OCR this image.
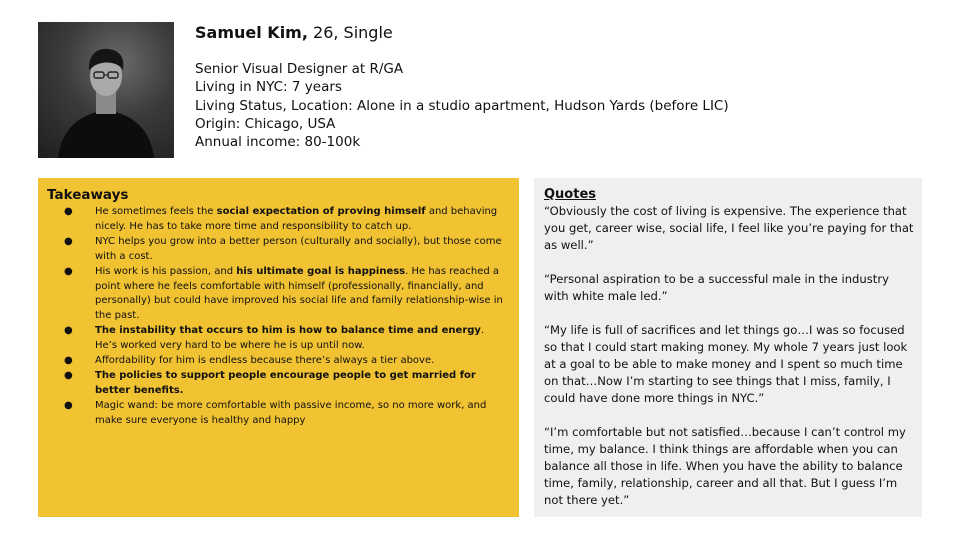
Samuel Kim, 26, Single
Senior Visual Designer at R/GA
Living in NYC: 7 years
Living Status, Location: Alone in a studio apartment, Hudson Yards (before LIC)
Origin: Chicago, USA
Annual income: 80-100k
Takeaways
● He sometimes feels the social expectation of proving himself and behaving nicely. He has to take more time and responsibility to catch up.
● NYC helps you grow into a better person (culturally and socially), but those come with a cost.
● His work is his passion, and his ultimate goal is happiness. He has reached a point where he feels comfortable with himself (professionally, financially, and personally) but could have improved his social life and family relationship-wise in the past.
● The instability that occurs to him is how to balance time and energy. He’s worked very hard to be where he is up until now.
● Affordability for him is endless because there’s always a tier above.
● The policies to support people encourage people to get married for better benefits.
● Magic wand: be more comfortable with passive income, so no more work, and make sure everyone is healthy and happy
Quotes

“Obviously the cost of living is expensive. The experience that you get, career wise, social life, I feel like you’re paying for that as well.”

“Personal aspiration to be a successful male in the industry with white male led.”

“My life is full of sacrifices and let things go…I was so focused so that I could start making money. My whole 7 years just look at a goal to be able to make money and I spent so much time on that…Now I’m starting to see things that I miss, family, I could have done more things in NYC.”

“I’m comfortable but not satisfied…because I can’t control my time, my balance. I think things are affordable when you can balance all those in life. When you have the ability to balance time, family, relationship, career and all that. But I guess I’m not there yet.”
